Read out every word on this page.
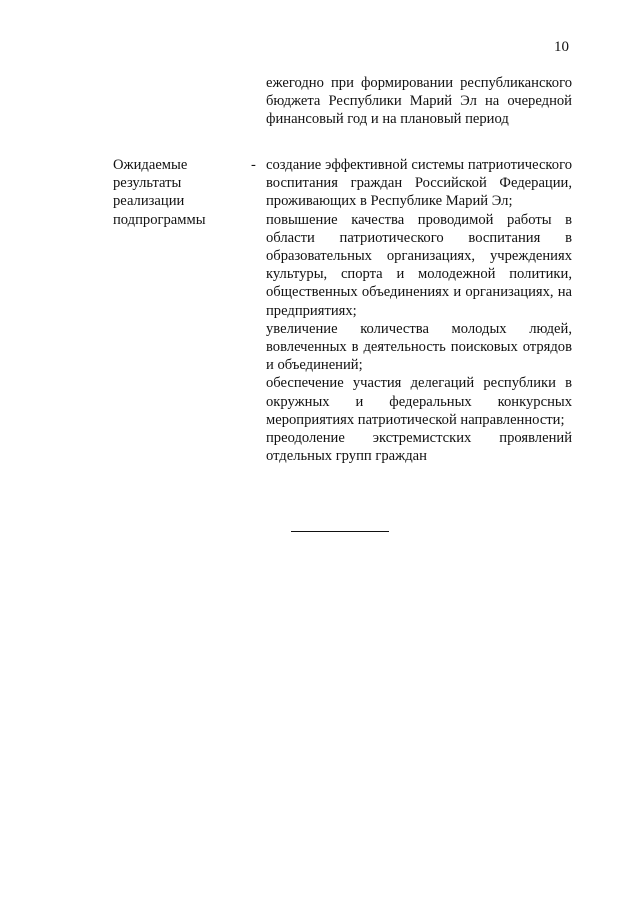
10

ежегодно при формировании республиканского бюджета Республики Марий Эл на очередной финансовый год и на плановый период

Ожидаемые
результаты
реализации
подпрограммы
- создание эффективной системы патриотического воспитания граждан Российской Федерации, проживающих в Республике Марий Эл;

повышение качества проводимой работы в области патриотического воспитания в образовательных организациях, учреждениях культуры, спорта и молодежной политики, общественных объединениях и организациях, на предприятиях;

увеличение количества молодых людей, вовлеченных в деятельность поисковых отрядов и объединений;

обеспечение участия делегаций республики в окружных и федеральных конкурсных мероприятиях патриотической направленности;

преодоление экстремистских проявлений отдельных групп граждан
